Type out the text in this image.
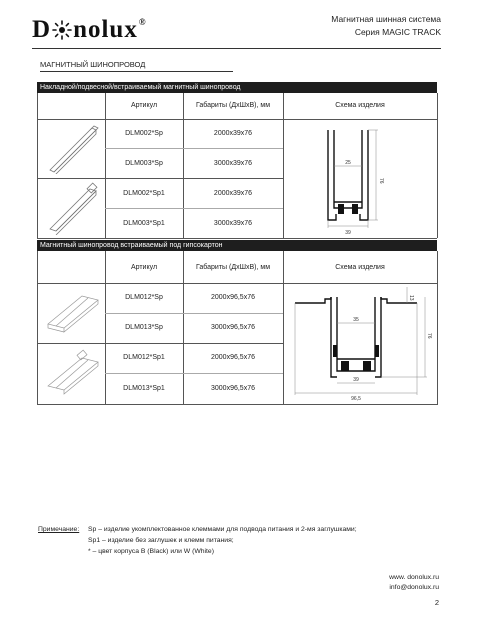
D nolux ®	Магнитная шинная система
Серия MAGIC TRACK
МАГНИТНЫЙ ШИНОПРОВОД
Накладной/подвесной/встраиваемый магнитный шинопровод
Артикул	Габариты (ДхШхВ), мм	Схема изделия
DLM002*Sp	2000x39x76
DLM003*Sp	3000x39x76
DLM002*Sp1	2000x39x76
DLM003*Sp1	3000x39x76
25
39
76
Магнитный шинопровод встраиваемый под гипсокартон
Артикул	Габариты (ДхШхВ), мм	Схема изделия
DLM012*Sp	2000x96,5x76
DLM013*Sp	3000x96,5x76
DLM012*Sp1	2000x96,5x76
DLM013*Sp1	3000x96,5x76
35
39
96,5
13
76
Примечание: Sp – изделие укомплектованное клеммами для подвода питания и 2-мя заглушками;
Sp1 – изделие без заглушек и клемм питания;
* – цвет корпуса B (Black) или W (White)
www. donolux.ru
info@donolux.ru
2
